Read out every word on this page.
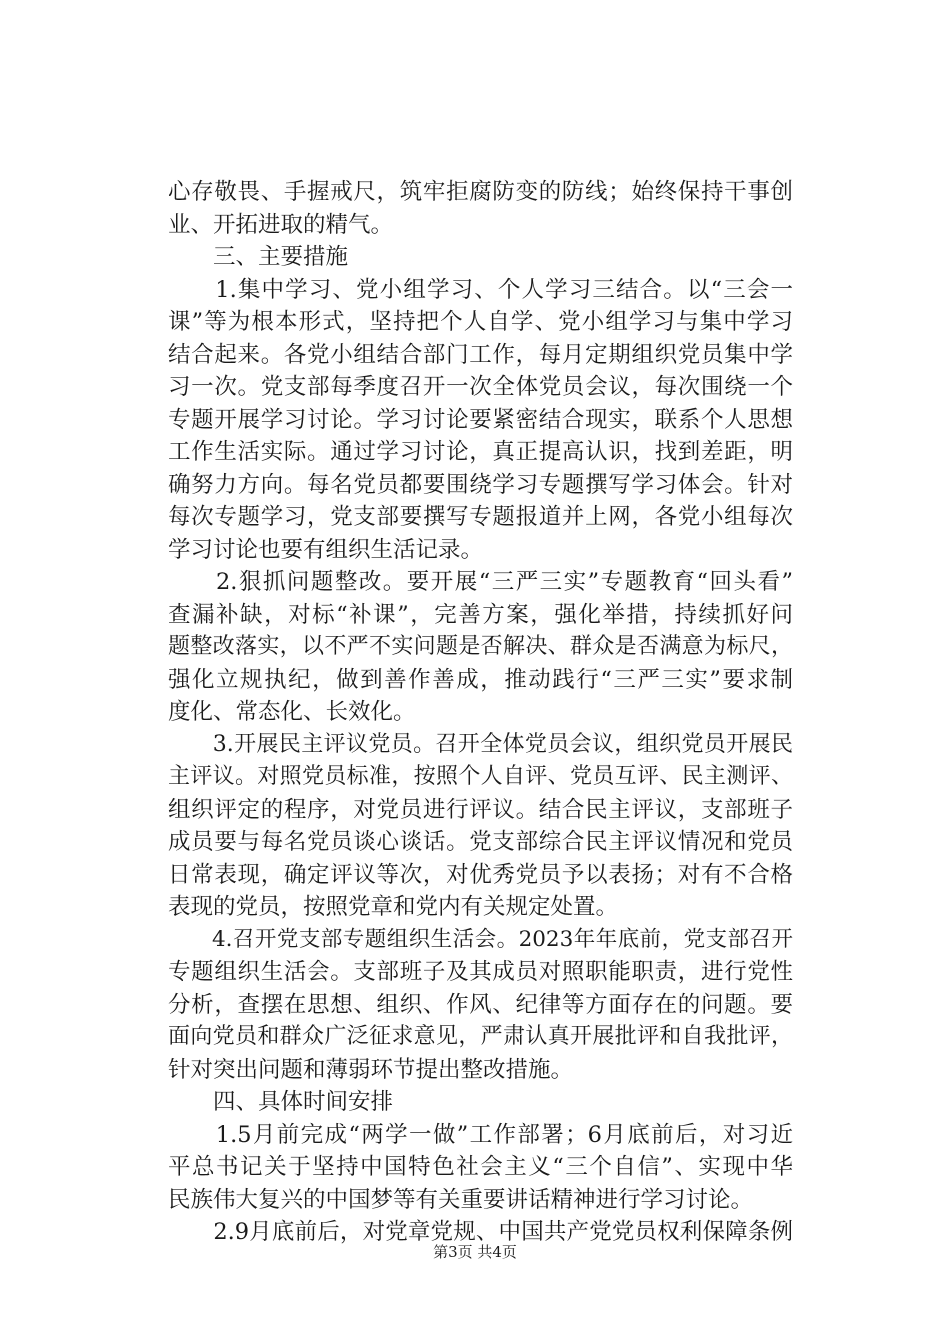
心存敬畏、手握戒尺，筑牢拒腐防变的防线；始终保持干事创
业、开拓进取的精气。
　　三、主要措施
　　1.集中学习、党小组学习、个人学习三结合。以“三会一
课”等为根本形式，坚持把个人自学、党小组学习与集中学习
结合起来。各党小组结合部门工作，每月定期组织党员集中学
习一次。党支部每季度召开一次全体党员会议，每次围绕一个
专题开展学习讨论。学习讨论要紧密结合现实，联系个人思想
工作生活实际。通过学习讨论，真正提高认识，找到差距，明
确努力方向。每名党员都要围绕学习专题撰写学习体会。针对
每次专题学习，党支部要撰写专题报道并上网，各党小组每次
学习讨论也要有组织生活记录。
　　2.狠抓问题整改。要开展“三严三实”专题教育“回头看”
查漏补缺，对标“补课”，完善方案，强化举措，持续抓好问
题整改落实，以不严不实问题是否解决、群众是否满意为标尺，
强化立规执纪，做到善作善成，推动践行“三严三实”要求制
度化、常态化、长效化。
　　3.开展民主评议党员。召开全体党员会议，组织党员开展民
主评议。对照党员标准，按照个人自评、党员互评、民主测评、
组织评定的程序，对党员进行评议。结合民主评议，支部班子
成员要与每名党员谈心谈话。党支部综合民主评议情况和党员
日常表现，确定评议等次，对优秀党员予以表扬；对有不合格
表现的党员，按照党章和党内有关规定处置。
　　4.召开党支部专题组织生活会。2023年年底前，党支部召开
专题组织生活会。支部班子及其成员对照职能职责，进行党性
分析，查摆在思想、组织、作风、纪律等方面存在的问题。要
面向党员和群众广泛征求意见，严肃认真开展批评和自我批评，
针对突出问题和薄弱环节提出整改措施。
　　四、具体时间安排
　　1.5月前完成“两学一做”工作部署；6月底前后，对习近
平总书记关于坚持中国特色社会主义“三个自信”、实现中华
民族伟大复兴的中国梦等有关重要讲话精神进行学习讨论。
　　2.9月底前后，对党章党规、中国共产党党员权利保障条例
第3页 共4页
